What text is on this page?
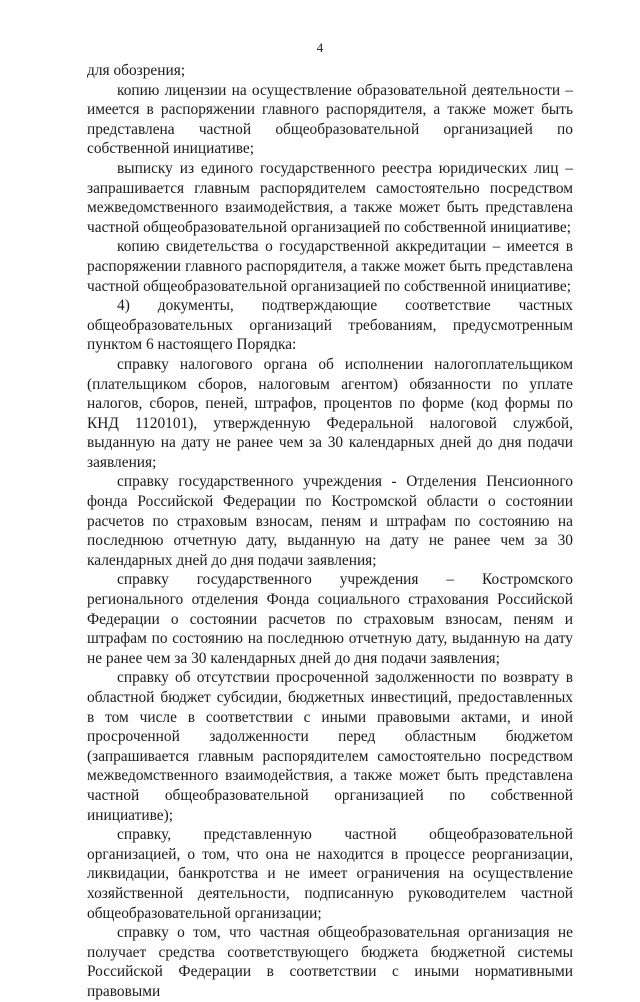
4

для обозрения;

копию лицензии на осуществление образовательной деятельности – имеется в распоряжении главного распорядителя, а также может быть представлена частной общеобразовательной организацией по собственной инициативе;

выписку из единого государственного реестра юридических лиц – запрашивается главным распорядителем самостоятельно посредством межведомственного взаимодействия, а также может быть представлена частной общеобразовательной организацией по собственной инициативе;

копию свидетельства о государственной аккредитации – имеется в распоряжении главного распорядителя, а также может быть представлена частной общеобразовательной организацией по собственной инициативе;

4) документы, подтверждающие соответствие частных общеобразовательных организаций требованиям, предусмотренным пунктом 6 настоящего Порядка:

справку налогового органа об исполнении налогоплательщиком (плательщиком сборов, налоговым агентом) обязанности по уплате налогов, сборов, пеней, штрафов, процентов по форме (код формы по КНД 1120101), утвержденную Федеральной налоговой службой, выданную на дату не ранее чем за 30 календарных дней до дня подачи заявления;

справку государственного учреждения - Отделения Пенсионного фонда Российской Федерации по Костромской области о состоянии расчетов по страховым взносам, пеням и штрафам по состоянию на последнюю отчетную дату, выданную на дату не ранее чем за 30 календарных дней до дня подачи заявления;

справку государственного учреждения – Костромского регионального отделения Фонда социального страхования Российской Федерации о состоянии расчетов по страховым взносам, пеням и штрафам по состоянию на последнюю отчетную дату, выданную на дату не ранее чем за 30 календарных дней до дня подачи заявления;

справку об отсутствии просроченной задолженности по возврату в областной бюджет субсидии, бюджетных инвестиций, предоставленных в том числе в соответствии с иными правовыми актами, и иной просроченной задолженности перед областным бюджетом (запрашивается главным распорядителем самостоятельно посредством межведомственного взаимодействия, а также может быть представлена частной общеобразовательной организацией по собственной инициативе);

справку, представленную частной общеобразовательной организацией, о том, что она не находится в процессе реорганизации, ликвидации, банкротства и не имеет ограничения на осуществление хозяйственной деятельности, подписанную руководителем частной общеобразовательной организации;

справку о том, что частная общеобразовательная организация не получает средства соответствующего бюджета бюджетной системы Российской Федерации в соответствии с иными нормативными правовыми
